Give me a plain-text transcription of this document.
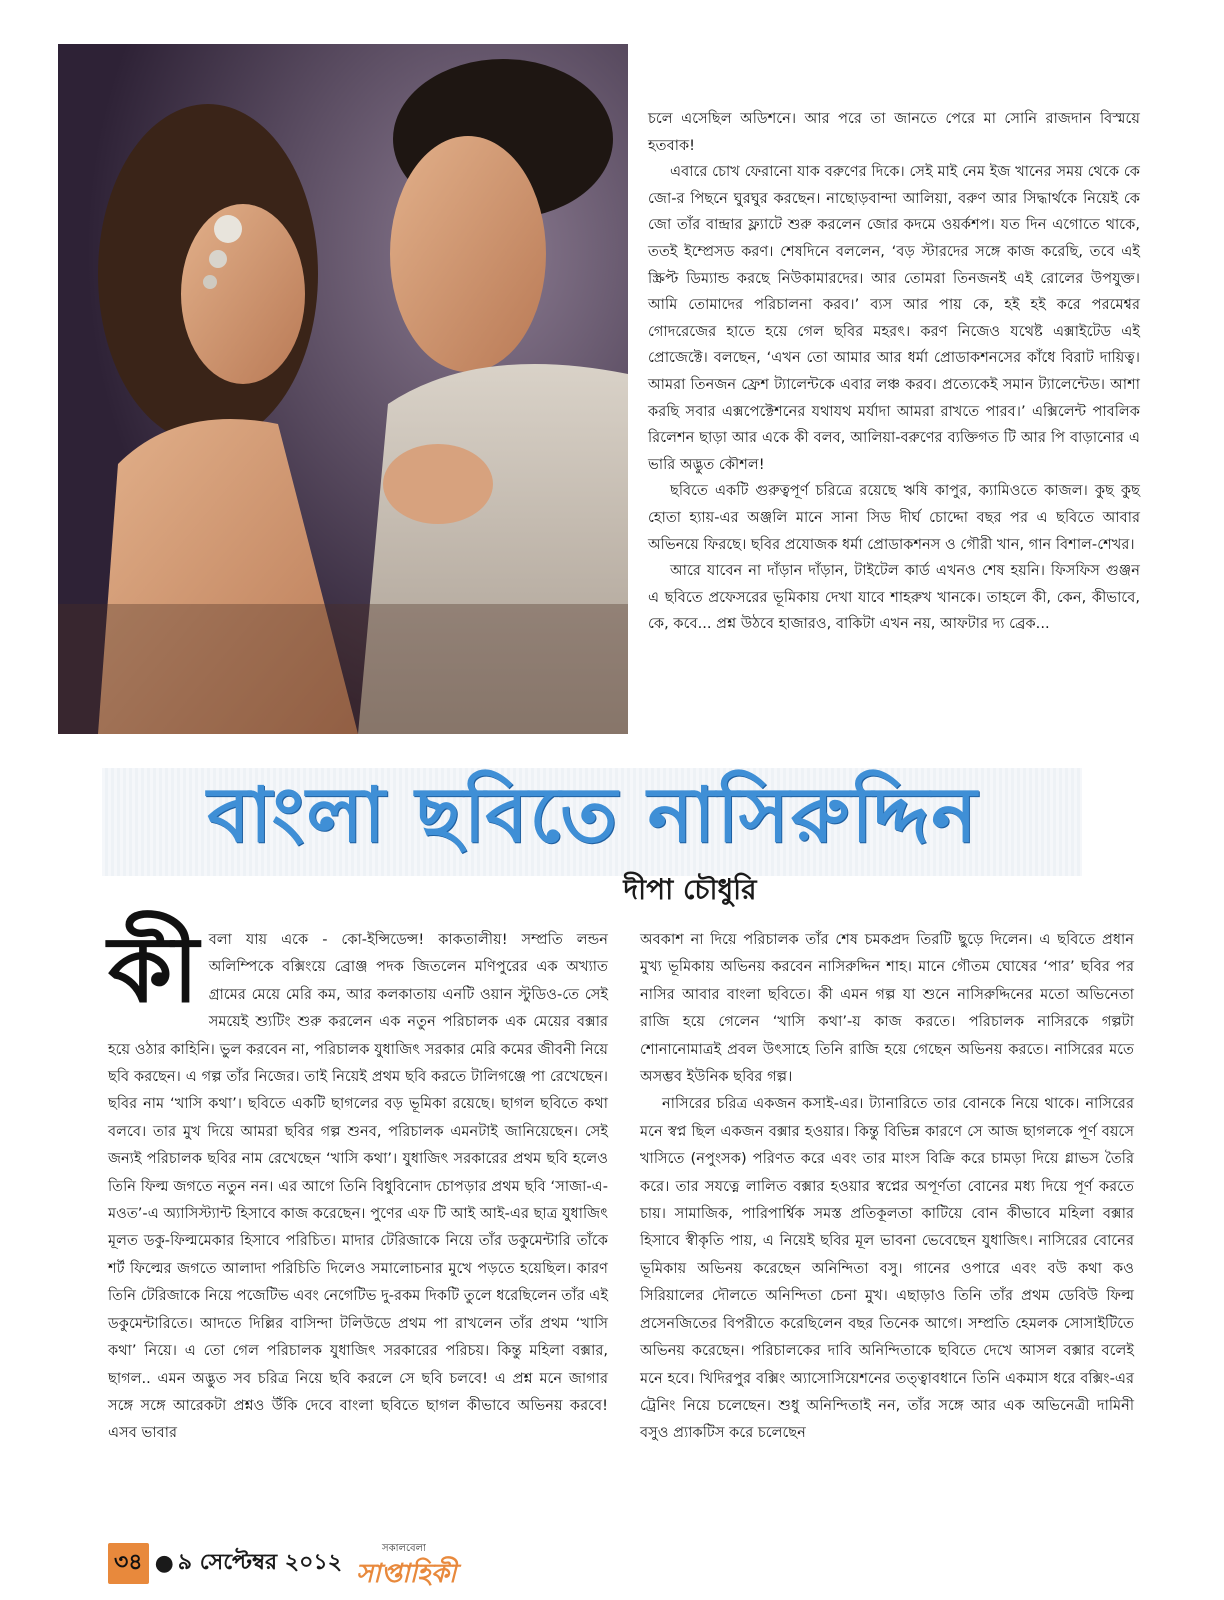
চলে এসেছিল অডিশনে। আর পরে তা জানতে পেরে মা সোনি রাজদান বিস্ময়ে হতবাক!

এবারে চোখ ফেরানো যাক বরুণের দিকে। সেই মাই নেম ইজ খানের সময় থেকে কে জো-র পিছনে ঘুরঘুর করছেন। নাছোড়বান্দা আলিয়া, বরুণ আর সিদ্ধার্থকে নিয়েই কে জো তাঁর বান্দ্রার ফ্ল্যাটে শুরু করলেন জোর কদমে ওয়র্কশপ। যত দিন এগোতে থাকে, ততই ইম্প্রেসড করণ। শেষদিনে বললেন, ‘বড় স্টারদের সঙ্গে কাজ করেছি, তবে এই স্ক্রিপ্ট ডিম্যান্ড করছে নিউকামারদের। আর তোমরা তিনজনই এই রোলের উপযুক্ত। আমি তোমাদের পরিচালনা করব।’ ব্যস আর পায় কে, হই হই করে পরমেশ্বর গোদরেজের হাতে হয়ে গেল ছবির মহরৎ। করণ নিজেও যথেষ্ট এক্সাইটেড এই প্রোজেক্টে। বলছেন, ‘এখন তো আমার আর ধর্মা প্রোডাকশনসের কাঁধে বিরাট দায়িত্ব। আমরা তিনজন ফ্রেশ ট্যালেন্টকে এবার লঞ্চ করব। প্রত্যেকেই সমান ট্যালেন্টেড। আশা করছি সবার এক্সপেক্টেশনের যথাযথ মর্যাদা আমরা রাখতে পারব।’ এক্সিলেন্ট পাবলিক রিলেশন ছাড়া আর একে কী বলব, আলিয়া-বরুণের ব্যক্তিগত টি আর পি বাড়ানোর এ ভারি অদ্ভুত কৌশল!

ছবিতে একটি গুরুত্বপূর্ণ চরিত্রে রয়েছে ঋষি কাপুর, ক্যামিওতে কাজল। কুছ কুছ হোতা হ্যায়-এর অঞ্জলি মানে সানা সিড দীর্ঘ চোদ্দো বছর পর এ ছবিতে আবার অভিনয়ে ফিরছে। ছবির প্রযোজক ধর্মা প্রোডাকশনস ও গৌরী খান, গান বিশাল-শেখর।

আরে যাবেন না দাঁড়ান দাঁড়ান, টাইটেল কার্ড এখনও শেষ হয়নি। ফিসফিস গুঞ্জন এ ছবিতে প্রফেসরের ভূমিকায় দেখা যাবে শাহরুখ খানকে। তাহলে কী, কেন, কীভাবে, কে, কবে... প্রশ্ন উঠবে হাজারও, বাকিটা এখন নয়, আফটার দ্য ব্রেক...

বাংলা ছবিতে নাসিরুদ্দিন
দীপা চৌধুরি
কী বলা যায় একে - কো-ইন্সিডেন্স! কাকতালীয়! সম্প্রতি লন্ডন অলিম্পিকে বক্সিংয়ে ব্রোঞ্জ পদক জিতলেন মণিপুরের এক অখ্যাত গ্রামের মেয়ে মেরি কম, আর কলকাতায় এনটি ওয়ান স্টুডিও-তে সেই সময়েই শ্যুটিং শুরু করলেন এক নতুন পরিচালক এক মেয়ের বক্সার হয়ে ওঠার কাহিনি। ভুল করবেন না, পরিচালক যুধাজিৎ সরকার মেরি কমের জীবনী নিয়ে ছবি করছেন। এ গল্প তাঁর নিজের। তাই নিয়েই প্রথম ছবি করতে টালিগঞ্জে পা রেখেছেন। ছবির নাম ‘খাসি কথা’। ছবিতে একটি ছাগলের বড় ভূমিকা রয়েছে। ছাগল ছবিতে কথা বলবে। তার মুখ দিয়ে আমরা ছবির গল্প শুনব, পরিচালক এমনটাই জানিয়েছেন। সেই জন্যই পরিচালক ছবির নাম রেখেছেন ‘খাসি কথা’। যুধাজিৎ সরকারের প্রথম ছবি হলেও তিনি ফিল্ম জগতে নতুন নন। এর আগে তিনি বিধুবিনোদ চোপড়ার প্রথম ছবি ‘সাজা-এ-মওত’-এ অ্যাসিস্ট্যান্ট হিসাবে কাজ করেছেন। পুণের এফ টি আই আই-এর ছাত্র যুধাজিৎ মূলত ডকু-ফিল্মমেকার হিসাবে পরিচিত। মাদার টেরিজাকে নিয়ে তাঁর ডকুমেন্টারি তাঁকে শর্ট ফিল্মের জগতে আলাদা পরিচিতি দিলেও সমালোচনার মুখে পড়তে হয়েছিল। কারণ তিনি টেরিজাকে নিয়ে পজেটিভ এবং নেগেটিভ দু-রকম দিকটি তুলে ধরেছিলেন তাঁর এই ডকুমেন্টারিতে। আদতে দিল্লির বাসিন্দা টলিউডে প্রথম পা রাখলেন তাঁর প্রথম ‘খাসি কথা’ নিয়ে। এ তো গেল পরিচালক যুধাজিৎ সরকারের পরিচয়। কিন্তু মহিলা বক্সার, ছাগল.. এমন অদ্ভুত সব চরিত্র নিয়ে ছবি করলে সে ছবি চলবে! এ প্রশ্ন মনে জাগার সঙ্গে সঙ্গে আরেকটা প্রশ্নও উঁকি দেবে বাংলা ছবিতে ছাগল কীভাবে অভিনয় করবে! এসব ভাবার

অবকাশ না দিয়ে পরিচালক তাঁর শেষ চমকপ্রদ তিরটি ছুড়ে দিলেন। এ ছবিতে প্রধান মুখ্য ভূমিকায় অভিনয় করবেন নাসিরুদ্দিন শাহ। মানে গৌতম ঘোষের ‘পার’ ছবির পর নাসির আবার বাংলা ছবিতে। কী এমন গল্প যা শুনে নাসিরুদ্দিনের মতো অভিনেতা রাজি হয়ে গেলেন ‘খাসি কথা’-য় কাজ করতে। পরিচালক নাসিরকে গল্পটা শোনানোমাত্রই প্রবল উৎসাহে তিনি রাজি হয়ে গেছেন অভিনয় করতে। নাসিরের মতে অসম্ভব ইউনিক ছবির গল্প।

নাসিরের চরিত্র একজন কসাই-এর। ট্যানারিতে তার বোনকে নিয়ে থাকে। নাসিরের মনে স্বপ্ন ছিল একজন বক্সার হওয়ার। কিন্তু বিভিন্ন কারণে সে আজ ছাগলকে পূর্ণ বয়সে খাসিতে (নপুংসক) পরিণত করে এবং তার মাংস বিক্রি করে চামড়া দিয়ে গ্লাভস তৈরি করে। তার সযত্নে লালিত বক্সার হওয়ার স্বপ্নের অপূর্ণতা বোনের মধ্য দিয়ে পূর্ণ করতে চায়। সামাজিক, পারিপার্শ্বিক সমস্ত প্রতিকূলতা কাটিয়ে বোন কীভাবে মহিলা বক্সার হিসাবে স্বীকৃতি পায়, এ নিয়েই ছবির মূল ভাবনা ভেবেছেন যুধাজিৎ। নাসিরের বোনের ভূমিকায় অভিনয় করেছেন অনিন্দিতা বসু। গানের ওপারে এবং বউ কথা কও সিরিয়ালের দৌলতে অনিন্দিতা চেনা মুখ। এছাড়াও তিনি তাঁর প্রথম ডেবিউ ফিল্ম প্রসেনজিতের বিপরীতে করেছিলেন বছর তিনেক আগে। সম্প্রতি হেমলক সোসাইটিতে অভিনয় করেছেন। পরিচালকের দাবি অনিন্দিতাকে ছবিতে দেখে আসল বক্সার বলেই মনে হবে। খিদিরপুর বক্সিং অ্যাসোসিয়েশনের তত্ত্বাবধানে তিনি একমাস ধরে বক্সিং-এর ট্রেনিং নিয়ে চলেছেন। শুধু অনিন্দিতাই নন, তাঁর সঙ্গে আর এক অভিনেত্রী দামিনী বসুও প্র্যাকটিস করে চলেছেন

৩৪ ● ৯ সেপ্টেম্বর ২০১২
সকালবেলা
সাপ্তাহিকী
